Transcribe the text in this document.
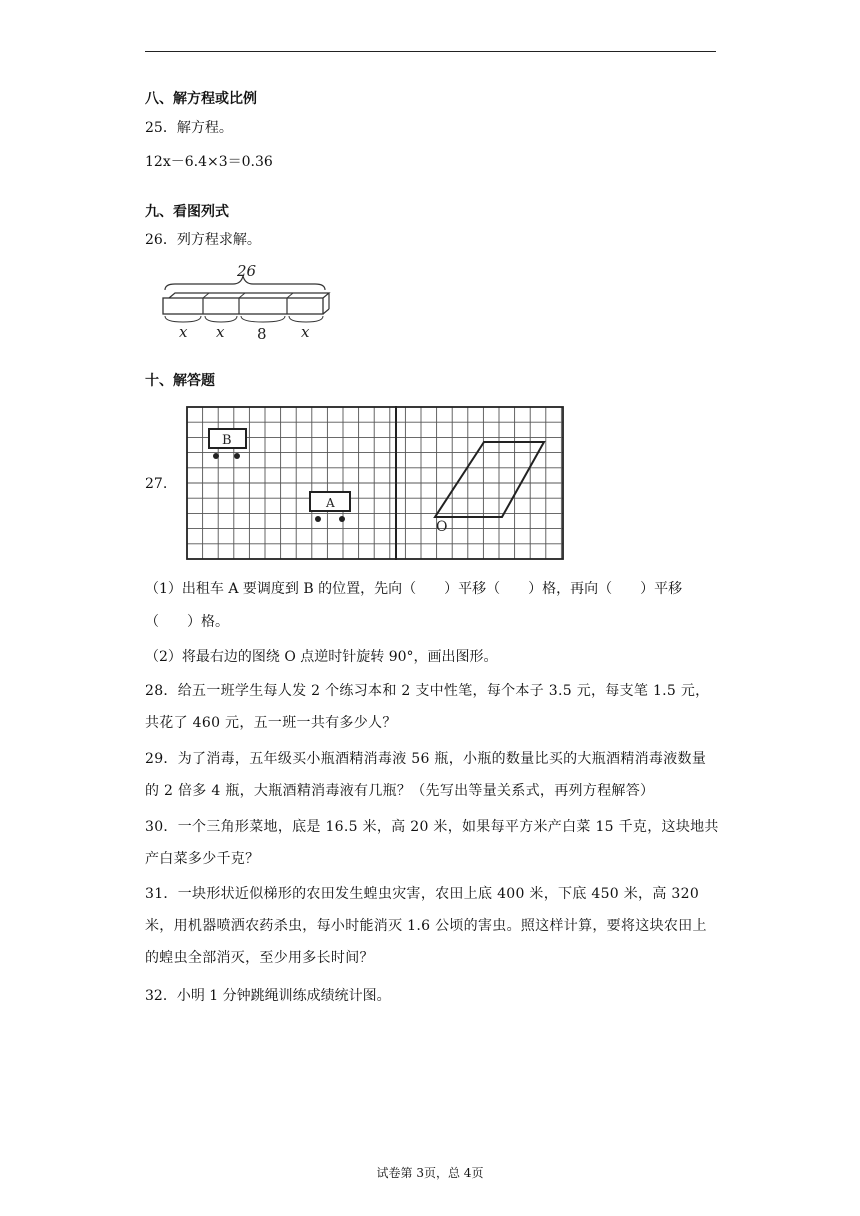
八、解方程或比例
25．解方程。
12x－6.4×3＝0.36
九、看图列式
26．列方程求解。
26
x x 8 x
十、解答题
27.
B
A
O
（1）出租车 A 要调度到 B 的位置，先向（　　）平移（　　）格，再向（　　）平移
（　　）格。
（2）将最右边的图绕 O 点逆时针旋转 90°，画出图形。
28．给五一班学生每人发 2 个练习本和 2 支中性笔，每个本子 3.5 元，每支笔 1.5 元，共花了 460 元，五一班一共有多少人？
29．为了消毒，五年级买小瓶酒精消毒液 56 瓶，小瓶的数量比买的大瓶酒精消毒液数量的 2 倍多 4 瓶，大瓶酒精消毒液有几瓶？（先写出等量关系式，再列方程解答）
30．一个三角形菜地，底是 16.5 米，高 20 米，如果每平方米产白菜 15 千克，这块地共产白菜多少千克？
31．一块形状近似梯形的农田发生蝗虫灾害，农田上底 400 米，下底 450 米，高 320 米，用机器喷洒农药杀虫，每小时能消灭 1.6 公顷的害虫。照这样计算，要将这块农田上的蝗虫全部消灭，至少用多长时间？
32．小明 1 分钟跳绳训练成绩统计图。
试卷第 3页，总 4页
